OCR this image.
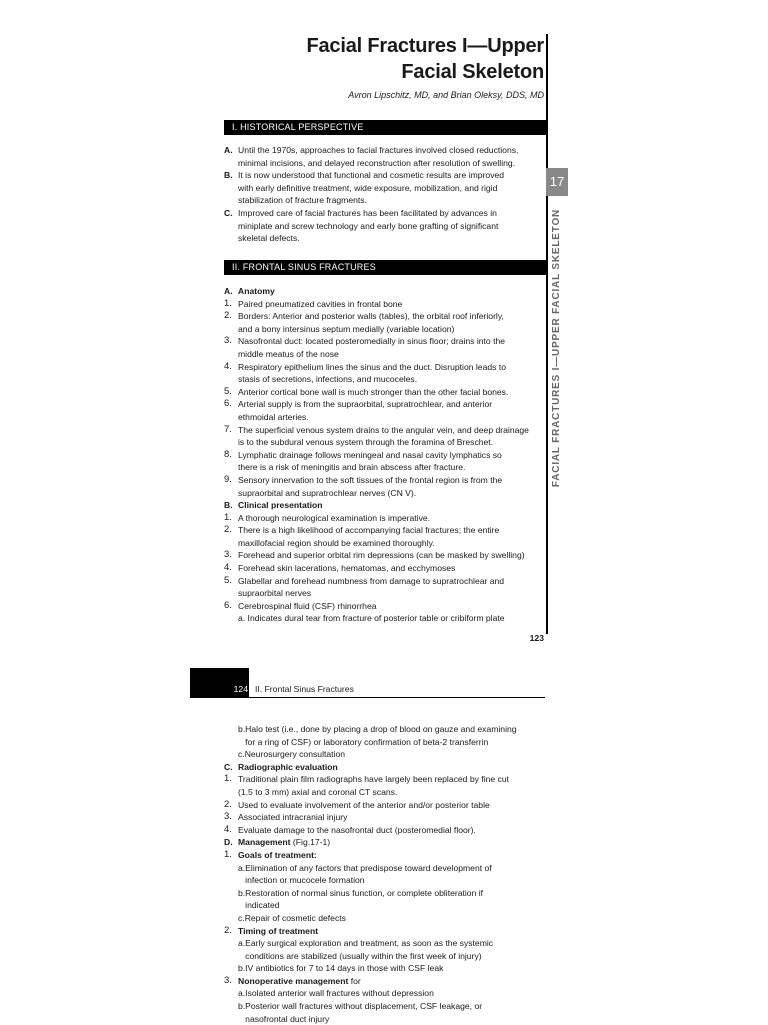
Facial Fractures I—Upper
Facial Skeleton
Avron Lipschitz, MD, and Brian Oleksy, DDS, MD
17
FACIAL FRACTURES I—UPPER FACIAL SKELETON
I. HISTORICAL PERSPECTIVE
A. Until the 1970s, approaches to facial fractures involved closed reductions,
minimal incisions, and delayed reconstruction after resolution of swelling.
B. It is now understood that functional and cosmetic results are improved
with early definitive treatment, wide exposure, mobilization, and rigid
stabilization of fracture fragments.
C. Improved care of facial fractures has been facilitated by advances in
miniplate and screw technology and early bone grafting of significant
skeletal defects.
II. FRONTAL SINUS FRACTURES
A. Anatomy
1. Paired pneumatized cavities in frontal bone
2. Borders: Anterior and posterior walls (tables), the orbital roof inferiorly,
and a bony intersinus septum medially (variable location)
3. Nasofrontal duct: located posteromedially in sinus floor; drains into the
middle meatus of the nose
4. Respiratory epithelium lines the sinus and the duct. Disruption leads to
stasis of secretions, infections, and mucoceles.
5. Anterior cortical bone wall is much stronger than the other facial bones.
6. Arterial supply is from the supraorbital, supratrochlear, and anterior
ethmoidal arteries.
7. The superficial venous system drains to the angular vein, and deep drainage
is to the subdural venous system through the foramina of Breschet.
8. Lymphatic drainage follows meningeal and nasal cavity lymphatics so
there is a risk of meningitis and brain abscess after fracture.
9. Sensory innervation to the soft tissues of the frontal region is from the
supraorbital and supratrochlear nerves (CN V).
B. Clinical presentation
1. A thorough neurological examination is imperative.
2. There is a high likelihood of accompanying facial fractures; the entire
maxillofacial region should be examined thoroughly.
3. Forehead and superior orbital rim depressions (can be masked by swelling)
4. Forehead skin lacerations, hematomas, and ecchymoses
5. Glabellar and forehead numbness from damage to supratrochlear and
supraorbital nerves
6. Cerebrospinal fluid (CSF) rhinorrhea
a. Indicates dural tear from fracture of posterior table or cribiform plate
123
124 II. Frontal Sinus Fractures
b. Halo test (i.e., done by placing a drop of blood on gauze and examining
for a ring of CSF) or laboratory confirmation of beta-2 transferrin
c. Neurosurgery consultation
C. Radiographic evaluation
1. Traditional plain film radiographs have largely been replaced by fine cut
(1.5 to 3 mm) axial and coronal CT scans.
2. Used to evaluate involvement of the anterior and/or posterior table
3. Associated intracranial injury
4. Evaluate damage to the nasofrontal duct (posteromedial floor).
D. Management (Fig.17-1)
1. Goals of treatment:
a. Elimination of any factors that predispose toward development of
infection or mucocele formation
b. Restoration of normal sinus function, or complete obliteration if
indicated
c. Repair of cosmetic defects
2. Timing of treatment
a. Early surgical exploration and treatment, as soon as the systemic
conditions are stabilized (usually within the first week of injury)
b. IV antibiotics for 7 to 14 days in those with CSF leak
3. Nonoperative management for
a. Isolated anterior wall fractures without depression
b. Posterior wall fractures without displacement, CSF leakage, or
nasofrontal duct injury
